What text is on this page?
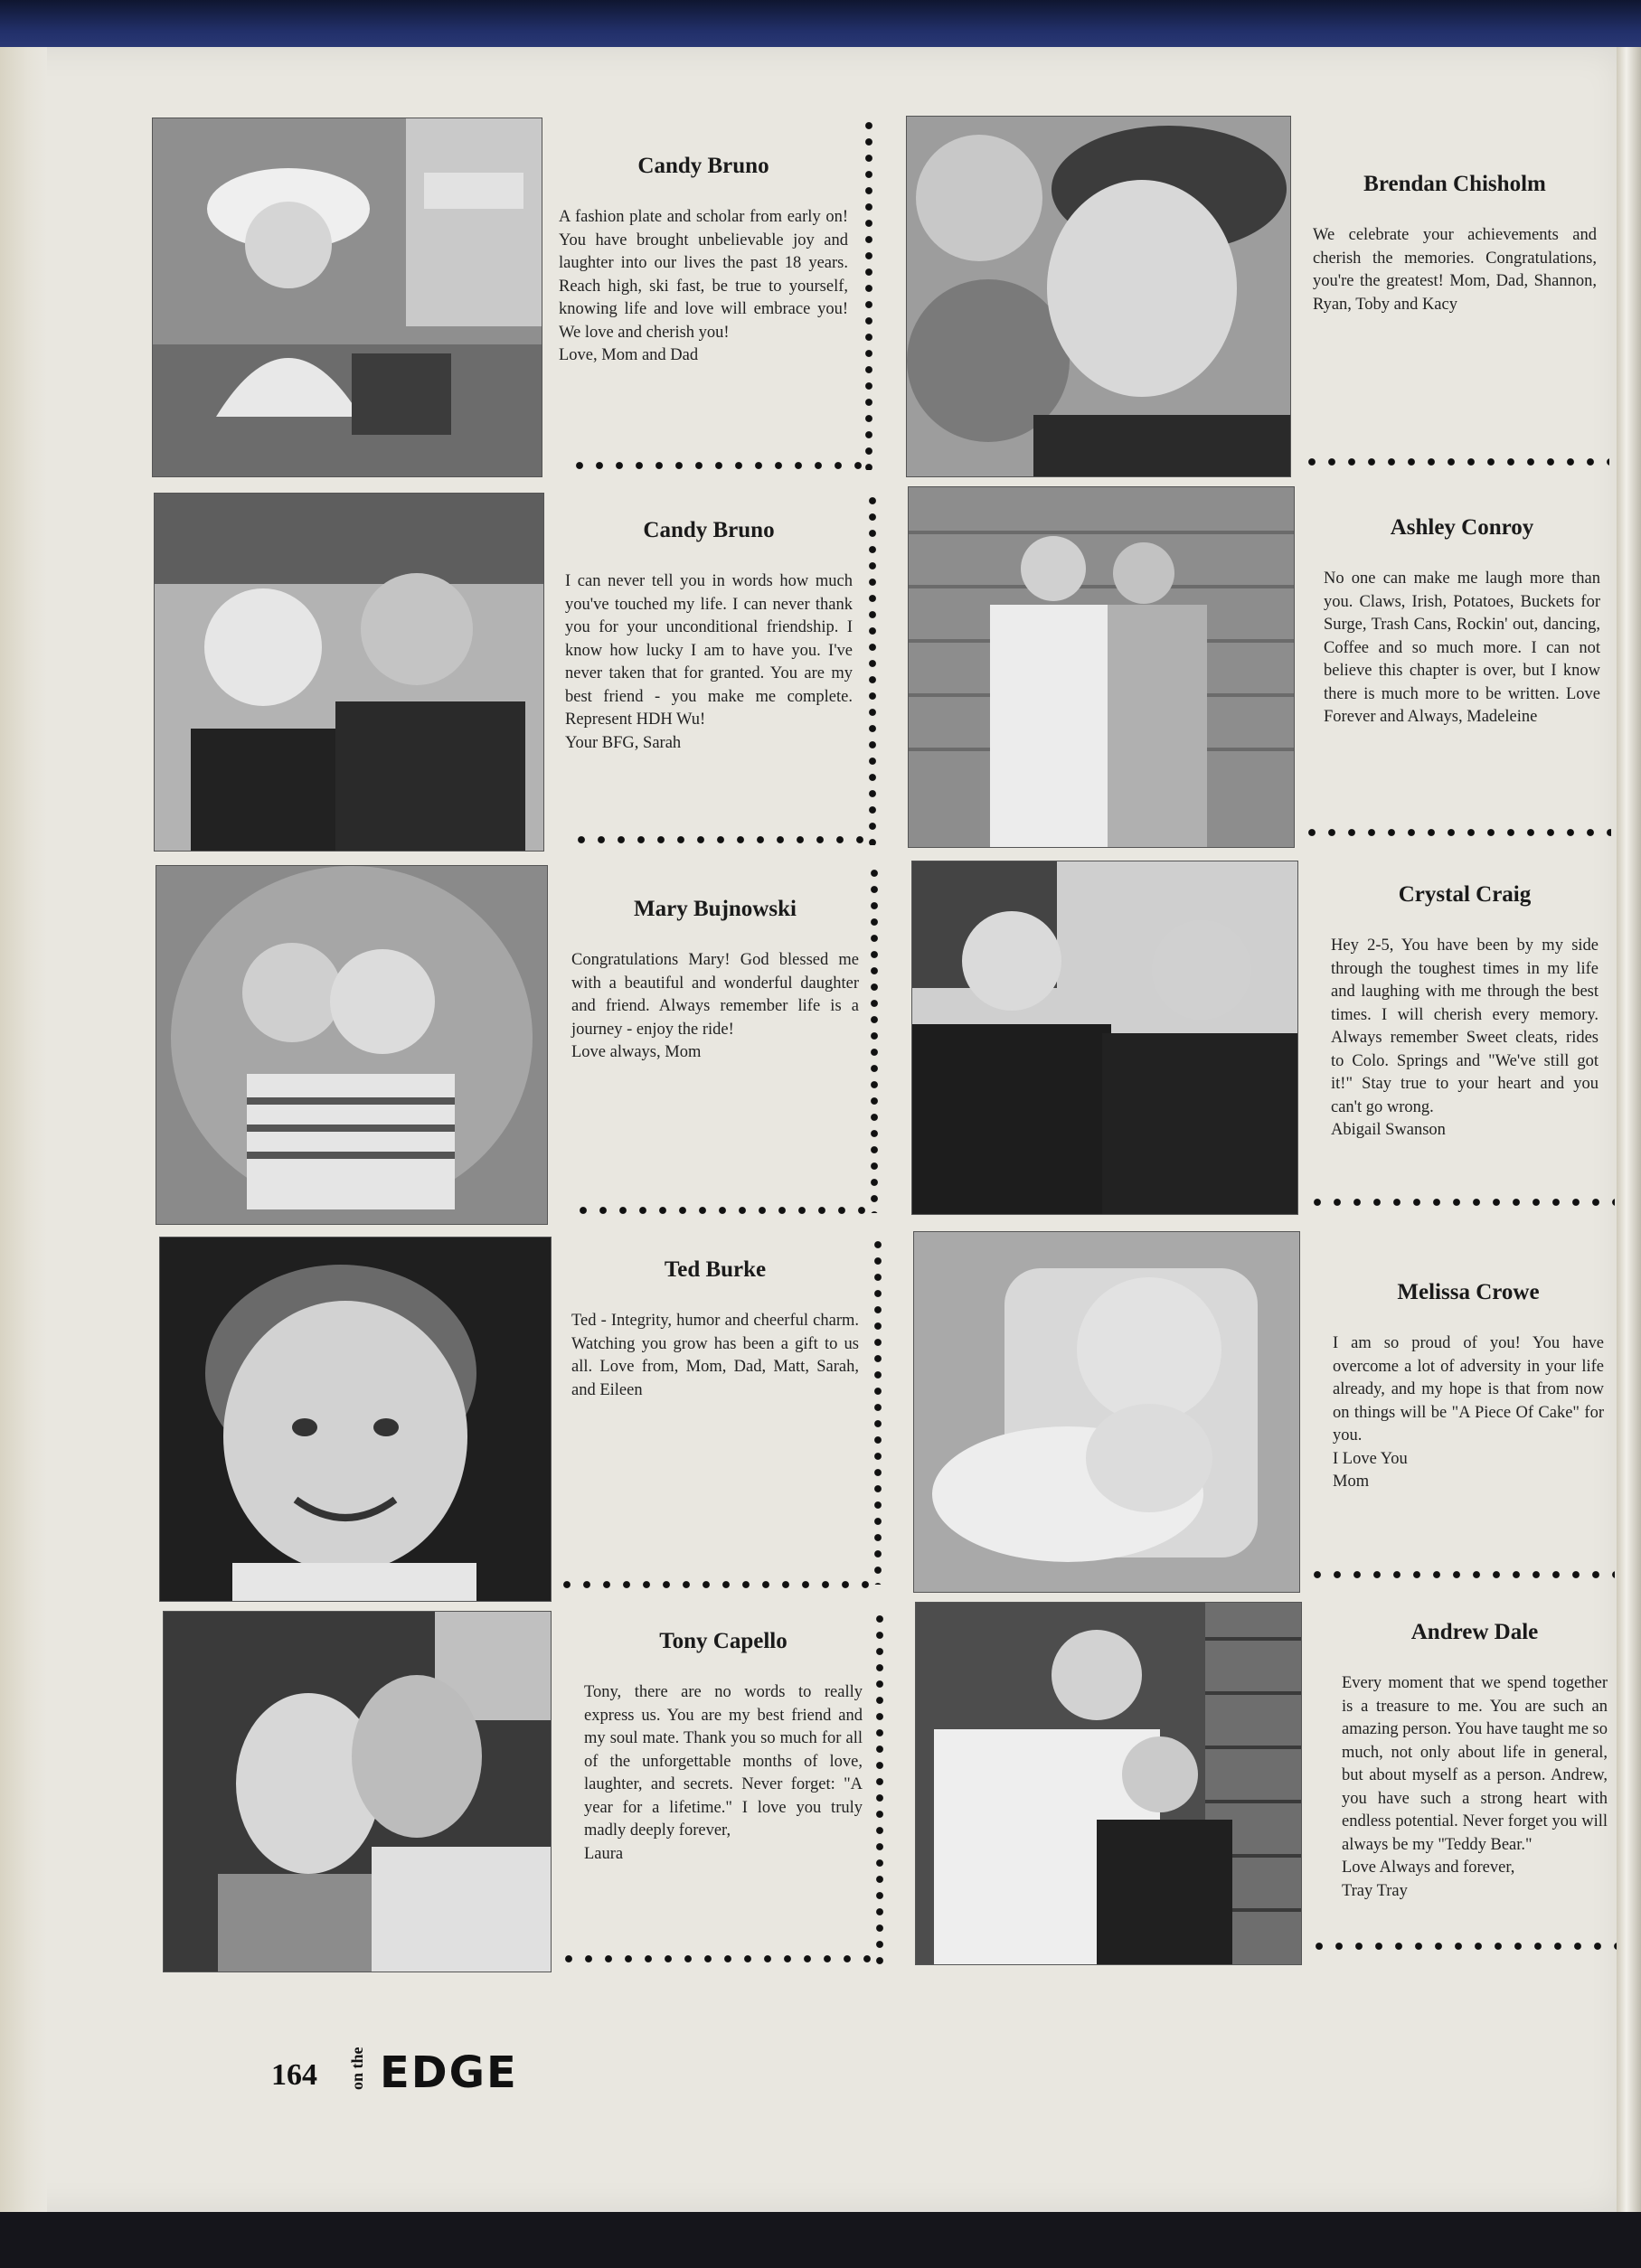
Candy Bruno

A fashion plate and scholar from early on! You have brought unbelievable joy and laughter into our lives the past 18 years. Reach high, ski fast, be true to yourself, knowing life and love will embrace you! We love and cherish you!
Love, Mom and Dad

Candy Bruno

I can never tell you in words how much you've touched my life. I can never thank you for your unconditional friendship. I know how lucky I am to have you. I've never taken that for granted. You are my best friend - you make me complete. Represent HDH Wu!
Your BFG, Sarah

Mary Bujnowski

Congratulations Mary! God blessed me with a beautiful and wonderful daughter and friend. Always remember life is a journey - enjoy the ride!
Love always, Mom

Ted Burke

Ted - Integrity, humor and cheerful charm. Watching you grow has been a gift to us all. Love from, Mom, Dad, Matt, Sarah, and Eileen

Tony Capello

Tony, there are no words to really express us. You are my best friend and my soul mate. Thank you so much for all of the unforgettable months of love, laughter, and secrets. Never forget: "A year for a lifetime." I love you truly madly deeply forever,
Laura

Brendan Chisholm

We celebrate your achievements and cherish the memories. Congratulations, you're the greatest! Mom, Dad, Shannon, Ryan, Toby and Kacy

Ashley Conroy

No one can make me laugh more than you. Claws, Irish, Potatoes, Buckets for Surge, Trash Cans, Rockin' out, dancing, Coffee and so much more. I can not believe this chapter is over, but I know there is much more to be written. Love Forever and Always, Madeleine

Crystal Craig

Hey 2-5, You have been by my side through the toughest times in my life and laughing with me through the best times. I will cherish every memory. Always remember Sweet cleats, rides to Colo. Springs and "We've still got it!" Stay true to your heart and you can't go wrong.
Abigail Swanson

Melissa Crowe

I am so proud of you! You have overcome a lot of adversity in your life already, and my hope is that from now on things will be "A Piece Of Cake" for you.
I Love You
Mom

Andrew Dale

Every moment that we spend together is a treasure to me. You are such an amazing person. You have taught me so much, not only about life in general, but about myself as a person. Andrew, you have such a strong heart with endless potential. Never forget you will always be my "Teddy Bear."
Love Always and forever,
Tray Tray

164 on the EDGE
